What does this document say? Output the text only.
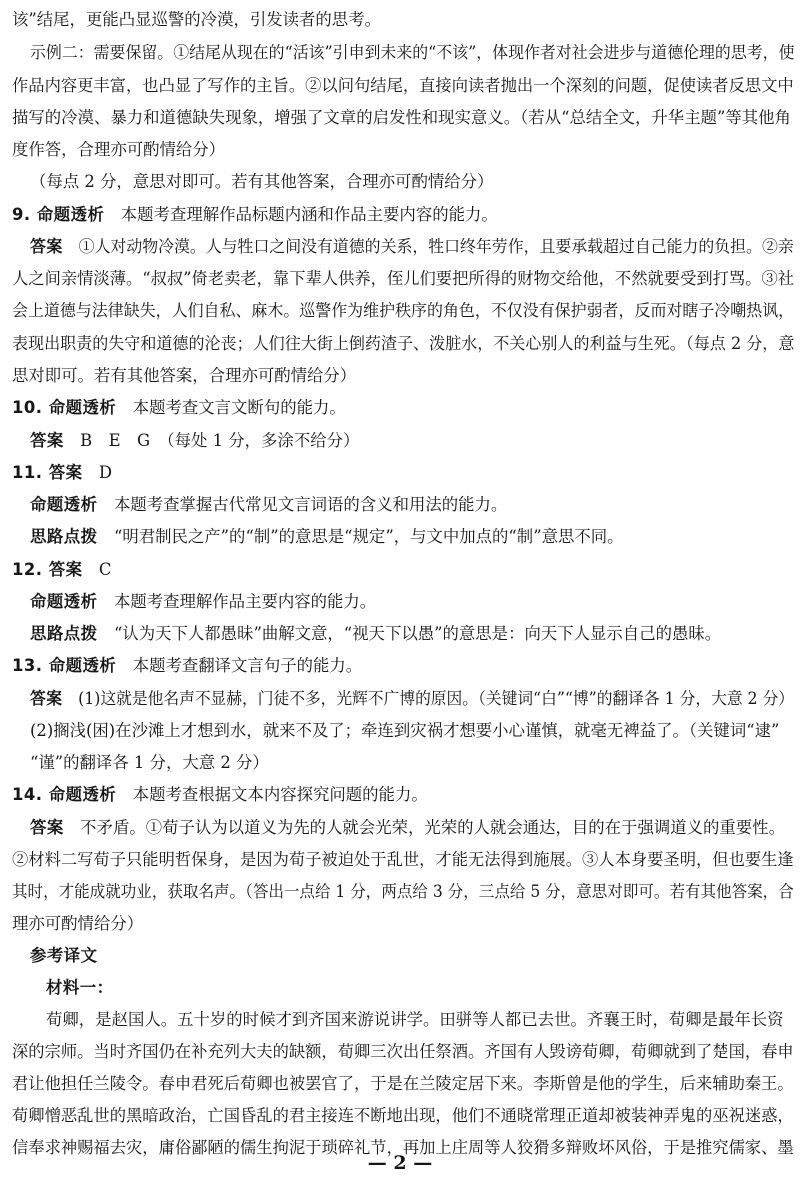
该”结尾，更能凸显巡警的冷漠，引发读者的思考。
示例二：需要保留。①结尾从现在的“活该”引申到未来的“不该”，体现作者对社会进步与道德伦理的思考，使
作品内容更丰富，也凸显了写作的主旨。②以问句结尾，直接向读者抛出一个深刻的问题，促使读者反思文中
描写的冷漠、暴力和道德缺失现象，增强了文章的启发性和现实意义。（若从“总结全文，升华主题”等其他角
度作答，合理亦可酌情给分）
（每点 2 分，意思对即可。若有其他答案，合理亦可酌情给分）
9. 命题透析　本题考查理解作品标题内涵和作品主要内容的能力。
答案　①人对动物冷漠。人与牲口之间没有道德的关系，牲口终年劳作，且要承载超过自己能力的负担。②亲
人之间亲情淡薄。“叔叔”倚老卖老，靠下辈人供养，侄儿们要把所得的财物交给他，不然就要受到打骂。③社
会上道德与法律缺失，人们自私、麻木。巡警作为维护秩序的角色，不仅没有保护弱者，反而对瞎子冷嘲热讽，
表现出职责的失守和道德的沦丧；人们往大街上倒药渣子、泼脏水，不关心别人的利益与生死。（每点 2 分，意
思对即可。若有其他答案，合理亦可酌情给分）
10. 命题透析　本题考查文言文断句的能力。
答案　B　E　G　（每处 1 分，多涂不给分）
11. 答案　D
命题透析　本题考查掌握古代常见文言词语的含义和用法的能力。
思路点拨　“明君制民之产”的“制”的意思是“规定”，与文中加点的“制”意思不同。
12. 答案　C
命题透析　本题考查理解作品主要内容的能力。
思路点拨　“认为天下人都愚昧”曲解文意，“视天下以愚”的意思是：向天下人显示自己的愚昧。
13. 命题透析　本题考查翻译文言句子的能力。
答案　(1)这就是他名声不显赫，门徒不多，光辉不广博的原因。（关键词“白”“博”的翻译各 1 分，大意 2 分）
(2)搁浅(困)在沙滩上才想到水，就来不及了；牵连到灾祸才想要小心谨慎，就毫无裨益了。（关键词“逮”
“谨”的翻译各 1 分，大意 2 分）
14. 命题透析　本题考查根据文本内容探究问题的能力。
答案　不矛盾。①荀子认为以道义为先的人就会光荣，光荣的人就会通达，目的在于强调道义的重要性。
②材料二写荀子只能明哲保身，是因为荀子被迫处于乱世，才能无法得到施展。③人本身要圣明，但也要生逢
其时，才能成就功业，获取名声。（答出一点给 1 分，两点给 3 分，三点给 5 分，意思对即可。若有其他答案，合
理亦可酌情给分）
参考译文
材料一：
荀卿，是赵国人。五十岁的时候才到齐国来游说讲学。田骈等人都已去世。齐襄王时，荀卿是最年长资
深的宗师。当时齐国仍在补充列大夫的缺额，荀卿三次出任祭酒。齐国有人毁谤荀卿，荀卿就到了楚国，春申
君让他担任兰陵令。春申君死后荀卿也被罢官了，于是在兰陵定居下来。李斯曾是他的学生，后来辅助秦王。
荀卿憎恶乱世的黑暗政治，亡国昏乱的君主接连不断地出现，他们不通晓常理正道却被装神弄鬼的巫祝迷惑，
信奉求神赐福去灾，庸俗鄙陋的儒生拘泥于琐碎礼节，再加上庄周等人狡猾多辩败坏风俗，于是推究儒家、墨
— 2 —
